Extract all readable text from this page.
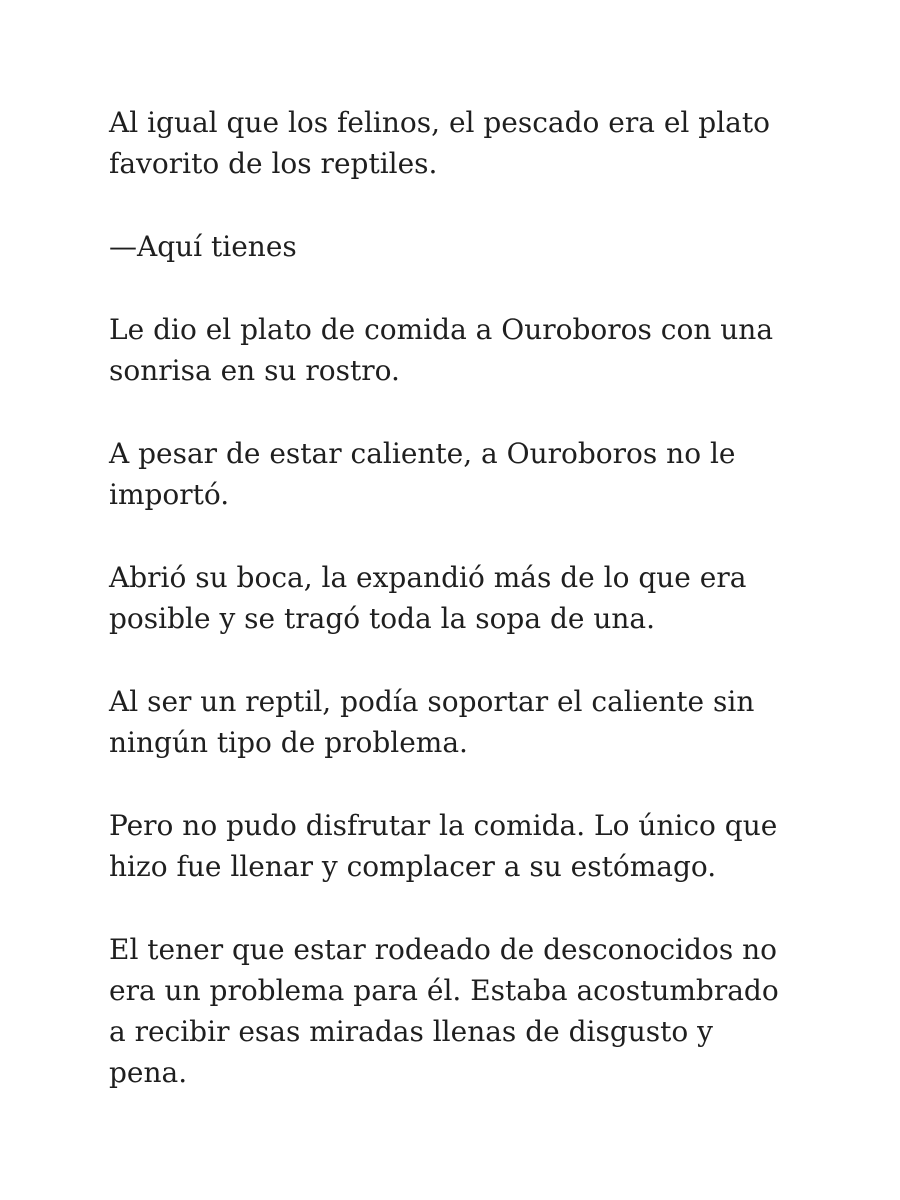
Al igual que los felinos, el pescado era el plato favorito de los reptiles.

—Aquí tienes

Le dio el plato de comida a Ouroboros con una sonrisa en su rostro.

A pesar de estar caliente, a Ouroboros no le importó.

Abrió su boca, la expandió más de lo que era posible y se tragó toda la sopa de una.

Al ser un reptil, podía soportar el caliente sin ningún tipo de problema.

Pero no pudo disfrutar la comida. Lo único que hizo fue llenar y complacer a su estómago.

El tener que estar rodeado de desconocidos no era un problema para él. Estaba acostumbrado a recibir esas miradas llenas de disgusto y pena.
